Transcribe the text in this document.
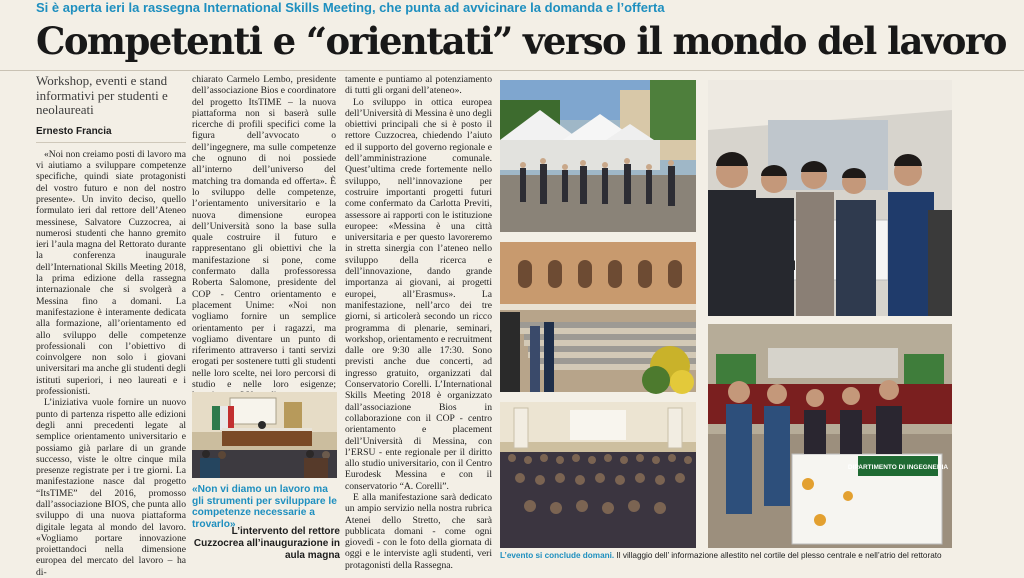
Si è aperta ieri la rassegna International Skills Meeting, che punta ad avvicinare la domanda e l’offerta
Competenti e “orientati” verso il mondo del lavoro
Workshop, eventi e stand informativi per studenti e neolaureati
Ernesto Francia

«Noi non creiamo posti di lavoro ma vi aiutiamo a sviluppare competenze specifiche, quindi siate protagonisti del vostro futuro e non del nostro presente». Un invito deciso, quello formulato ieri dal rettore dell’Ateneo messinese, Salvatore Cuzzocrea, ai numerosi studenti che hanno gremito ieri l’aula magna del Rettorato durante la conferenza inaugurale dell’International Skills Meeting 2018, la prima edizione della rassegna internazionale che si svolgerà a Messina fino a domani. La manifestazione è interamente dedicata alla formazione, all’orientamento ed allo sviluppo delle competenze professionali con l’obiettivo di coinvolgere non solo i giovani universitari ma anche gli studenti degli istituti superiori, i neo laureati e i professionisti.

L’iniziativa vuole fornire un nuovo punto di partenza rispetto alle edizioni degli anni precedenti legate al semplice orientamento universitario e possiamo già parlare di un grande successo, viste le oltre cinque mila presenze registrate per i tre giorni. La manifestazione nasce dal progetto “ItsTIME” del 2016, promosso dall’associazione BIOS, che punta allo sviluppo di una nuova piattaforma digitale legata al mondo del lavoro. «Vogliamo portare innovazione proiettandoci nella dimensione europea del mercato del lavoro – ha di-

chiarato Carmelo Lembo, presidente dell’associazione Bios e coordinatore del progetto ItsTIME – la nuova piattaforma non si baserà sulle ricerche di profili specifici come la figura dell’avvocato o dell’ingegnere, ma sulle competenze che ognuno di noi possiede all’interno dell’universo del matching tra domanda ed offerta». È lo sviluppo delle competenze, l’orientamento universitario e la nuova dimensione europea dell’Università sono la base sulla quale costruire il futuro e rappresentano gli obiettivi che la manifestazione si pone, come confermato dalla professoressa Roberta Salomone, presidente del COP - Centro orientamento e placement Unime: «Noi non vogliamo fornire un semplice orientamento per i ragazzi, ma vogliamo diventare un punto di riferimento attraverso i tanti servizi erogati per sostenere tutti gli studenti nelle loro scelte, nei loro percorsi di studio e nelle loro esigenze;

«Non vi diamo un lavoro ma gli strumenti per sviluppare le competenze necessarie a trovarlo»
L’intervento del rettore Cuzzocrea all’inaugurazione in aula magna

tamente e puntiamo al potenziamento di tutti gli organi dell’ateneo».

Lo sviluppo in ottica europea dell’Università di Messina è uno degli obiettivi principali che si è posto il rettore Cuzzocrea, chiedendo l’aiuto ed il supporto del governo regionale e dell’amministrazione comunale. Quest’ultima crede fortemente nello sviluppo, nell’innovazione per costruire importanti progetti futuri come confermato da Carlotta Previti, assessore ai rapporti con le istituzione europee: «Messina è una città universitaria e per questo lavoreremo in stretta sinergia con l’ateneo nello sviluppo della ricerca e dell’innovazione, dando grande importanza ai giovani, ai progetti europei, all’Erasmus». La manifestazione, nell’arco dei tre giorni, si articolerà secondo un ricco programma di plenarie, seminari, workshop, orientamento e recruitment dalle ore 9:30 alle 17:30. Sono previsti anche due concerti, ad ingresso gratuito, organizzati dal Conservatorio Corelli. L’International Skills Meeting 2018 è organizzato dall’associazione Bios in collaborazione con il COP - centro orientamento e placement dell’Università di Messina, con l’ERSU - ente regionale per il diritto allo studio universitario, con il Centro Eurodesk Messina e con il conservatorio “A. Corelli”.

E alla manifestazione sarà dedicato un ampio servizio nella nostra rubrica Atenei dello Stretto, che sarà pubblicata domani - come ogni giovedì - con le foto della giornata di oggi e le interviste agli studenti, veri protagonisti della Rassegna.

DIPARTIMENTO DI INGEGNERIA
L’evento si conclude domani. Il villaggio dell’ informazione allestito nel cortile del plesso centrale e nell’atrio del rettorato
